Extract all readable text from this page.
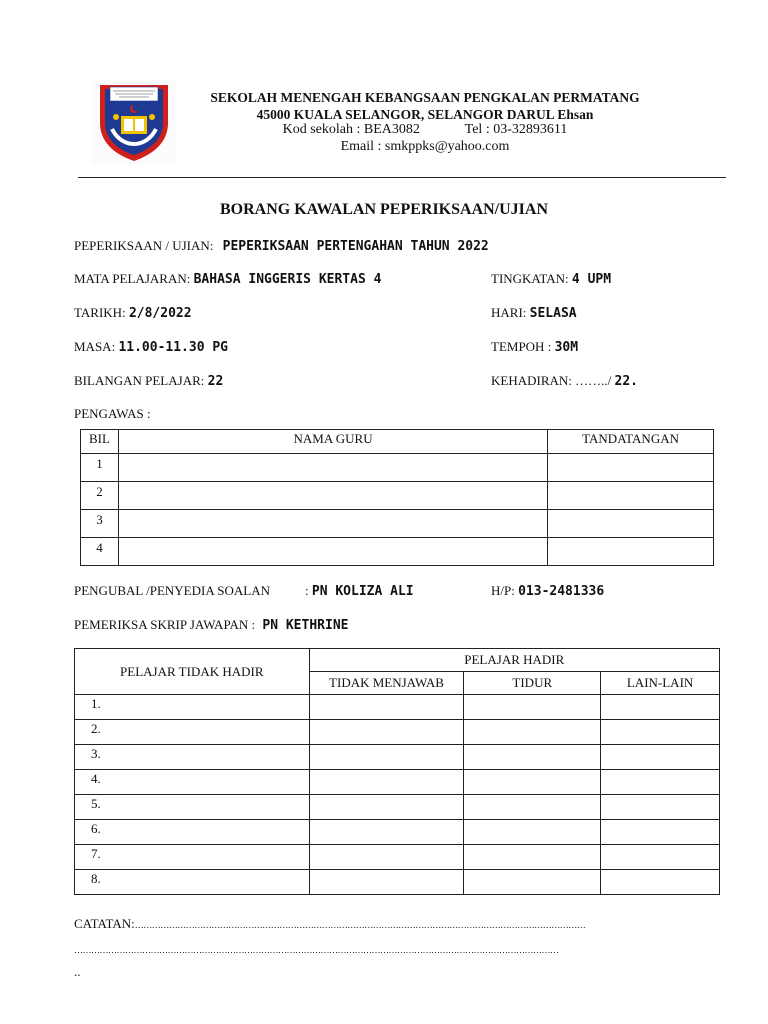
SEKOLAH MENENGAH KEBANGSAAN PENGKALAN PERMATANG
45000 KUALA SELANGOR, SELANGOR DARUL Ehsan
Kod sekolah : BEA3082	Tel : 03-32893611
Email : smkppks@yahoo.com
BORANG KAWALAN PEPERIKSAAN/UJIAN
PEPERIKSAAN / UJIAN: PEPERIKSAAN PERTENGAHAN TAHUN 2022
MATA PELAJARAN: BAHASA INGGERIS KERTAS 4	TINGKATAN: 4 UPM
TARIKH: 2/8/2022	HARI: SELASA
MASA: 11.00-11.30 PG	TEMPOH : 30M
BILANGAN PELAJAR: 22	KEHADIRAN: ……../ 22.
PENGAWAS :
BIL	NAMA GURU	TANDATANGAN
1		
2		
3		
4		
PENGUBAL /PENYEDIA SOALAN	: PN KOLIZA ALI	H/P: 013-2481336
PEMERIKSA SKRIP JAWAPAN : PN KETHRINE
PELAJAR TIDAK HADIR	PELAJAR HADIR		
	TIDAK MENJAWAB	TIDUR	LAIN-LAIN
1.			
2.			
3.			
4.			
5.			
6.			
7.			
8.			
CATATAN:……………………………………………………………………………………………………………………………………………
………………………………………………………………………………………………………………………………………………………
..
